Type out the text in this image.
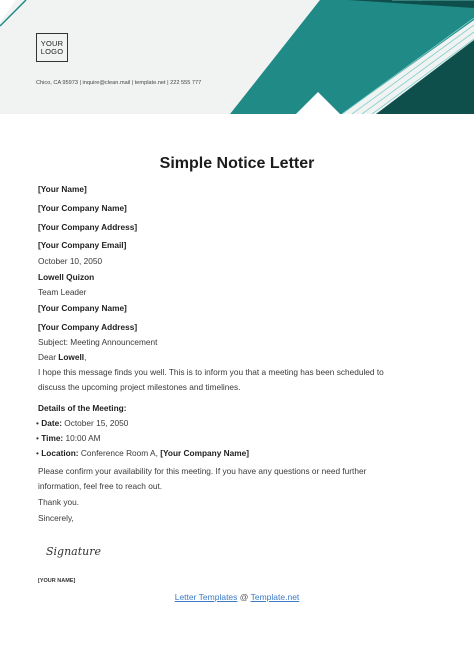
YOUR
LOGO
Chico, CA 95973 | inquire@clean.mail | template.net | 222 555 777
Simple Notice Letter
[Your Name]
[Your Company Name]
[Your Company Address]
[Your Company Email]
October 10, 2050
Lowell Quizon
Team Leader
[Your Company Name]
[Your Company Address]
Subject: Meeting Announcement
Dear Lowell,
I hope this message finds you well. This is to inform you that a meeting has been scheduled to
discuss the upcoming project milestones and timelines.
Details of the Meeting:
• Date: October 15, 2050
• Time: 10:00 AM
• Location: Conference Room A, [Your Company Name]
Please confirm your availability for this meeting. If you have any questions or need further
information, feel free to reach out.
Thank you.
Sincerely,
Signature
[YOUR NAME]
Letter Templates @ Template.net
